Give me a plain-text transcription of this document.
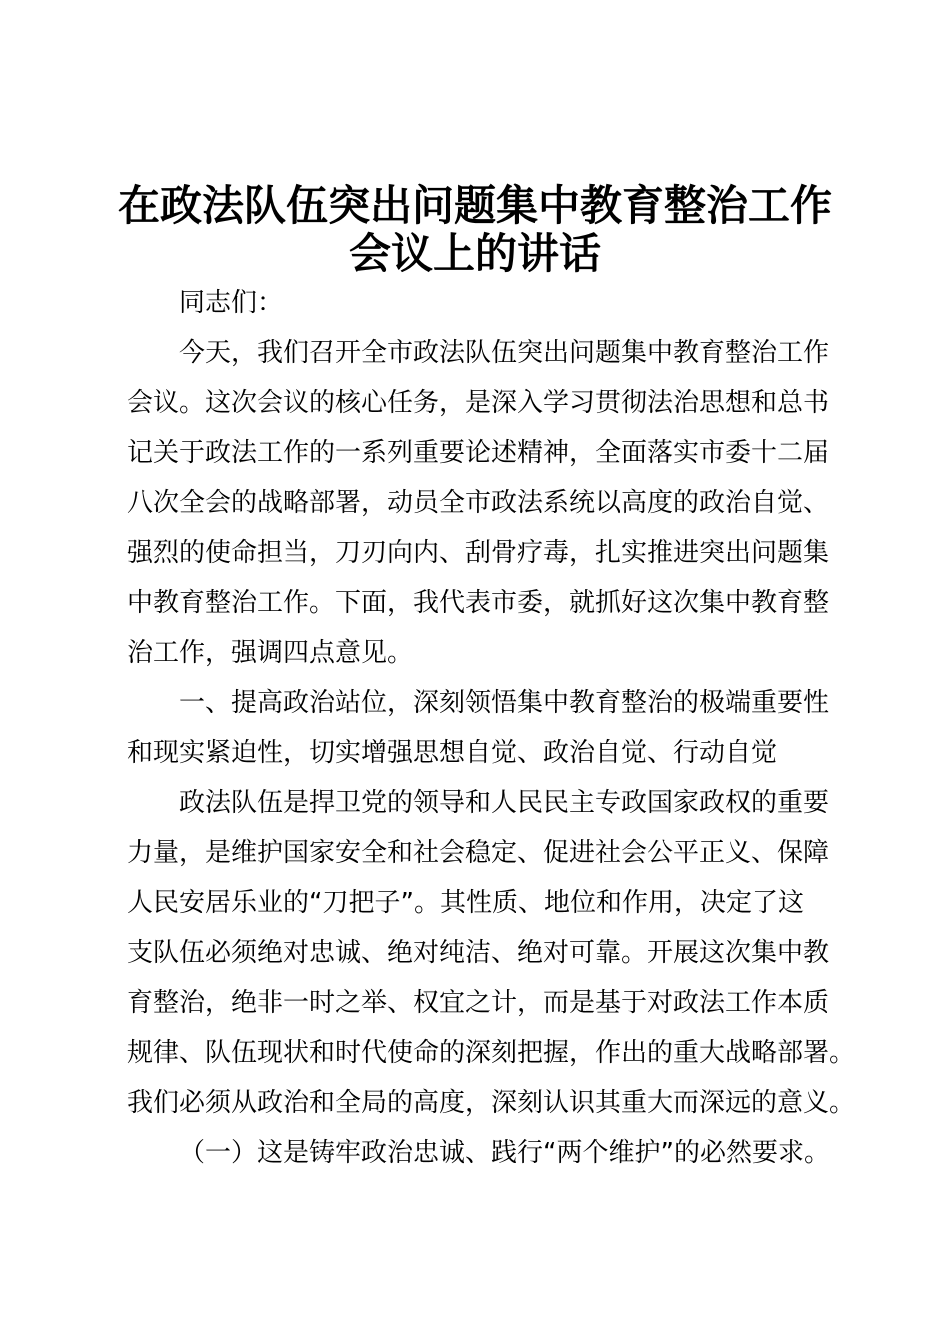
在政法队伍突出问题集中教育整治工作
会议上的讲话
同志们：
今天，我们召开全市政法队伍突出问题集中教育整治工作
会议。这次会议的核心任务，是深入学习贯彻法治思想和总书
记关于政法工作的一系列重要论述精神，全面落实市委十二届
八次全会的战略部署，动员全市政法系统以高度的政治自觉、
强烈的使命担当，刀刃向内、刮骨疗毒，扎实推进突出问题集
中教育整治工作。下面，我代表市委，就抓好这次集中教育整
治工作，强调四点意见。
一、提高政治站位，深刻领悟集中教育整治的极端重要性
和现实紧迫性，切实增强思想自觉、政治自觉、行动自觉
政法队伍是捍卫党的领导和人民民主专政国家政权的重要
力量，是维护国家安全和社会稳定、促进社会公平正义、保障
人民安居乐业的“刀把子”。其性质、地位和作用，决定了这
支队伍必须绝对忠诚、绝对纯洁、绝对可靠。开展这次集中教
育整治，绝非一时之举、权宜之计，而是基于对政法工作本质
规律、队伍现状和时代使命的深刻把握，作出的重大战略部署。
我们必须从政治和全局的高度，深刻认识其重大而深远的意义。
（一）这是铸牢政治忠诚、践行“两个维护”的必然要求。
